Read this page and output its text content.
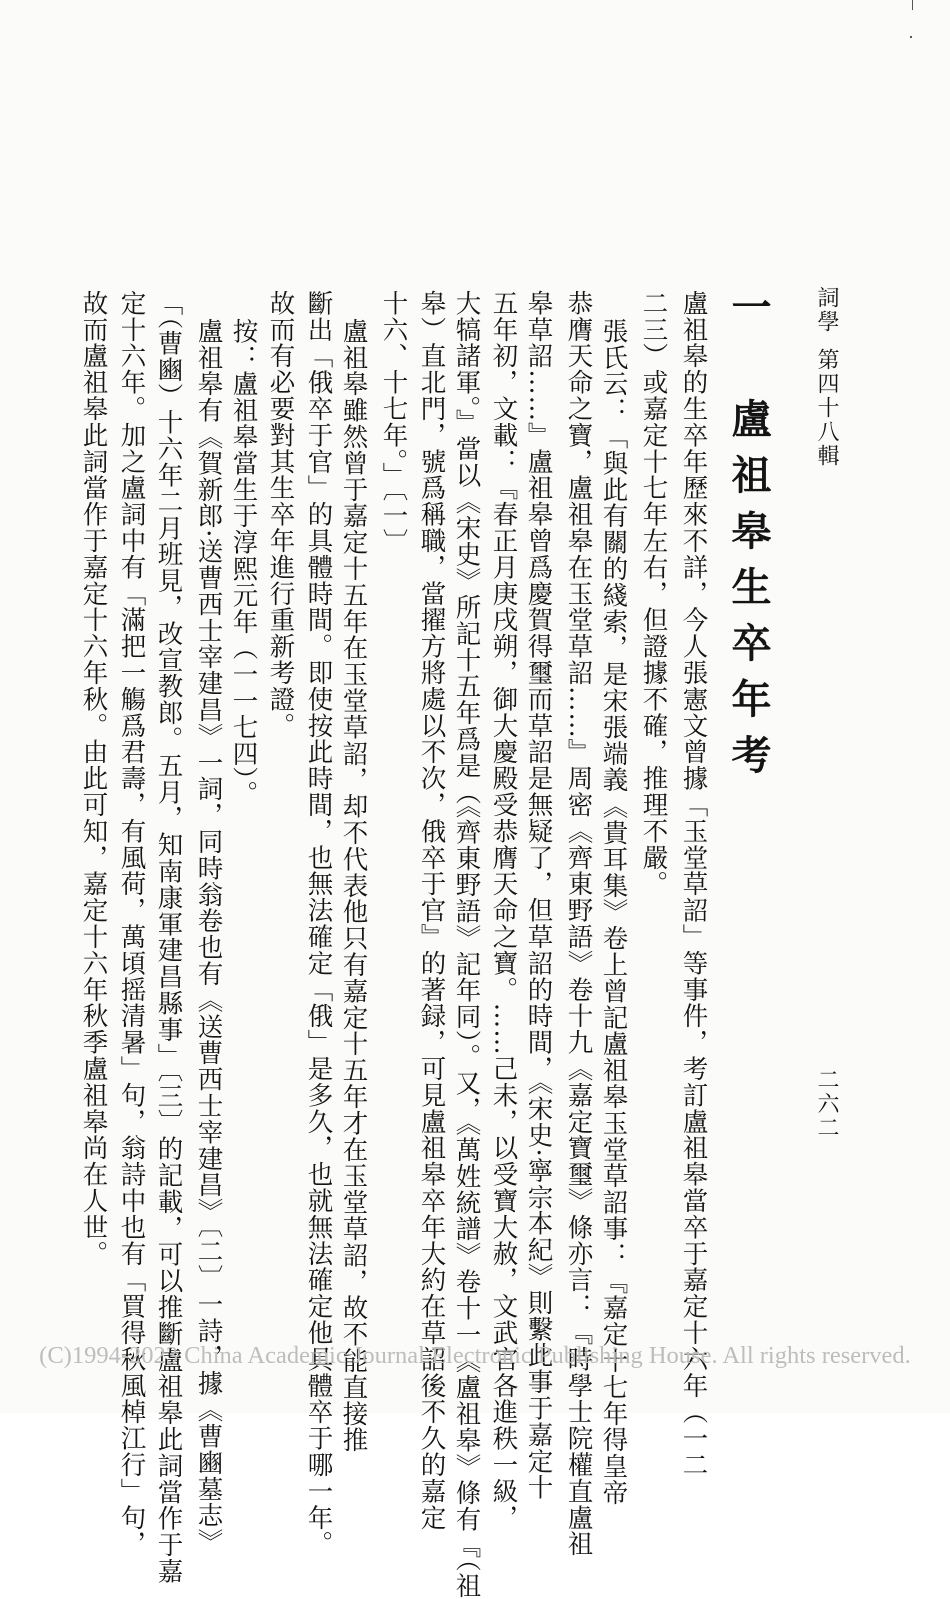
詞學
第四十八輯
二六二
一　盧祖皋生卒年考
盧祖皋的生卒年歷來不詳，今人張憲文曾據「玉堂草詔」等事件，考訂盧祖皋當卒于嘉定十六年（一二
二三）或嘉定十七年左右，但證據不確，推理不嚴。
張氏云：「與此有關的綫索，是宋張端義《貴耳集》卷上曾記盧祖皋玉堂草詔事：『嘉定十七年得皇帝
恭膺天命之寶，盧祖皋在玉堂草詔……』周密《齊東野語》卷十九《嘉定寶璽》條亦言：『時學士院權直盧祖
皋草詔……』盧祖皋曾爲慶賀得璽而草詔是無疑了，但草詔的時間，《宋史·寧宗本紀》則繫此事于嘉定十
五年初，文載：『春正月庚戌朔，御大慶殿受恭膺天命之寶。……己未，以受寶大赦，文武官各進秩一級，
大犒諸軍。』當以《宋史》所記十五年爲是（《齊東野語》記年同）。又，《萬姓統譜》卷十一《盧祖皋》條有『（祖
皋）直北門，號爲稱職，當擢方將處以不次，俄卒于官』的著録，可見盧祖皋卒年大約在草詔後不久的嘉定
十六、十七年。」〔一〕
盧祖皋雖然曾于嘉定十五年在玉堂草詔，却不代表他只有嘉定十五年才在玉堂草詔，故不能直接推
斷出「俄卒于官」的具體時間。即使按此時間，也無法確定「俄」是多久，也就無法確定他具體卒于哪一年。
故而有必要對其生卒年進行重新考證。
按：盧祖皋當生于淳熙元年（一一七四）。
盧祖皋有《賀新郎·送曹西士宰建昌》一詞，同時翁卷也有《送曹西士宰建昌》〔二〕一詩，據《曹豳墓志》
「（曹豳）十六年二月班見，改宣教郎。五月，知南康軍建昌縣事」〔三〕的記載，可以推斷盧祖皋此詞當作于嘉
定十六年。加之盧詞中有「滿把一觴爲君壽，有風荷，萬頃摇清暑」句，翁詩中也有「買得秋風棹江行」句，
故而盧祖皋此詞當作于嘉定十六年秋。由此可知，嘉定十六年秋季盧祖皋尚在人世。
(C)1994-2023 China Academic Journal Electronic Publishing House. All rights reserved.
